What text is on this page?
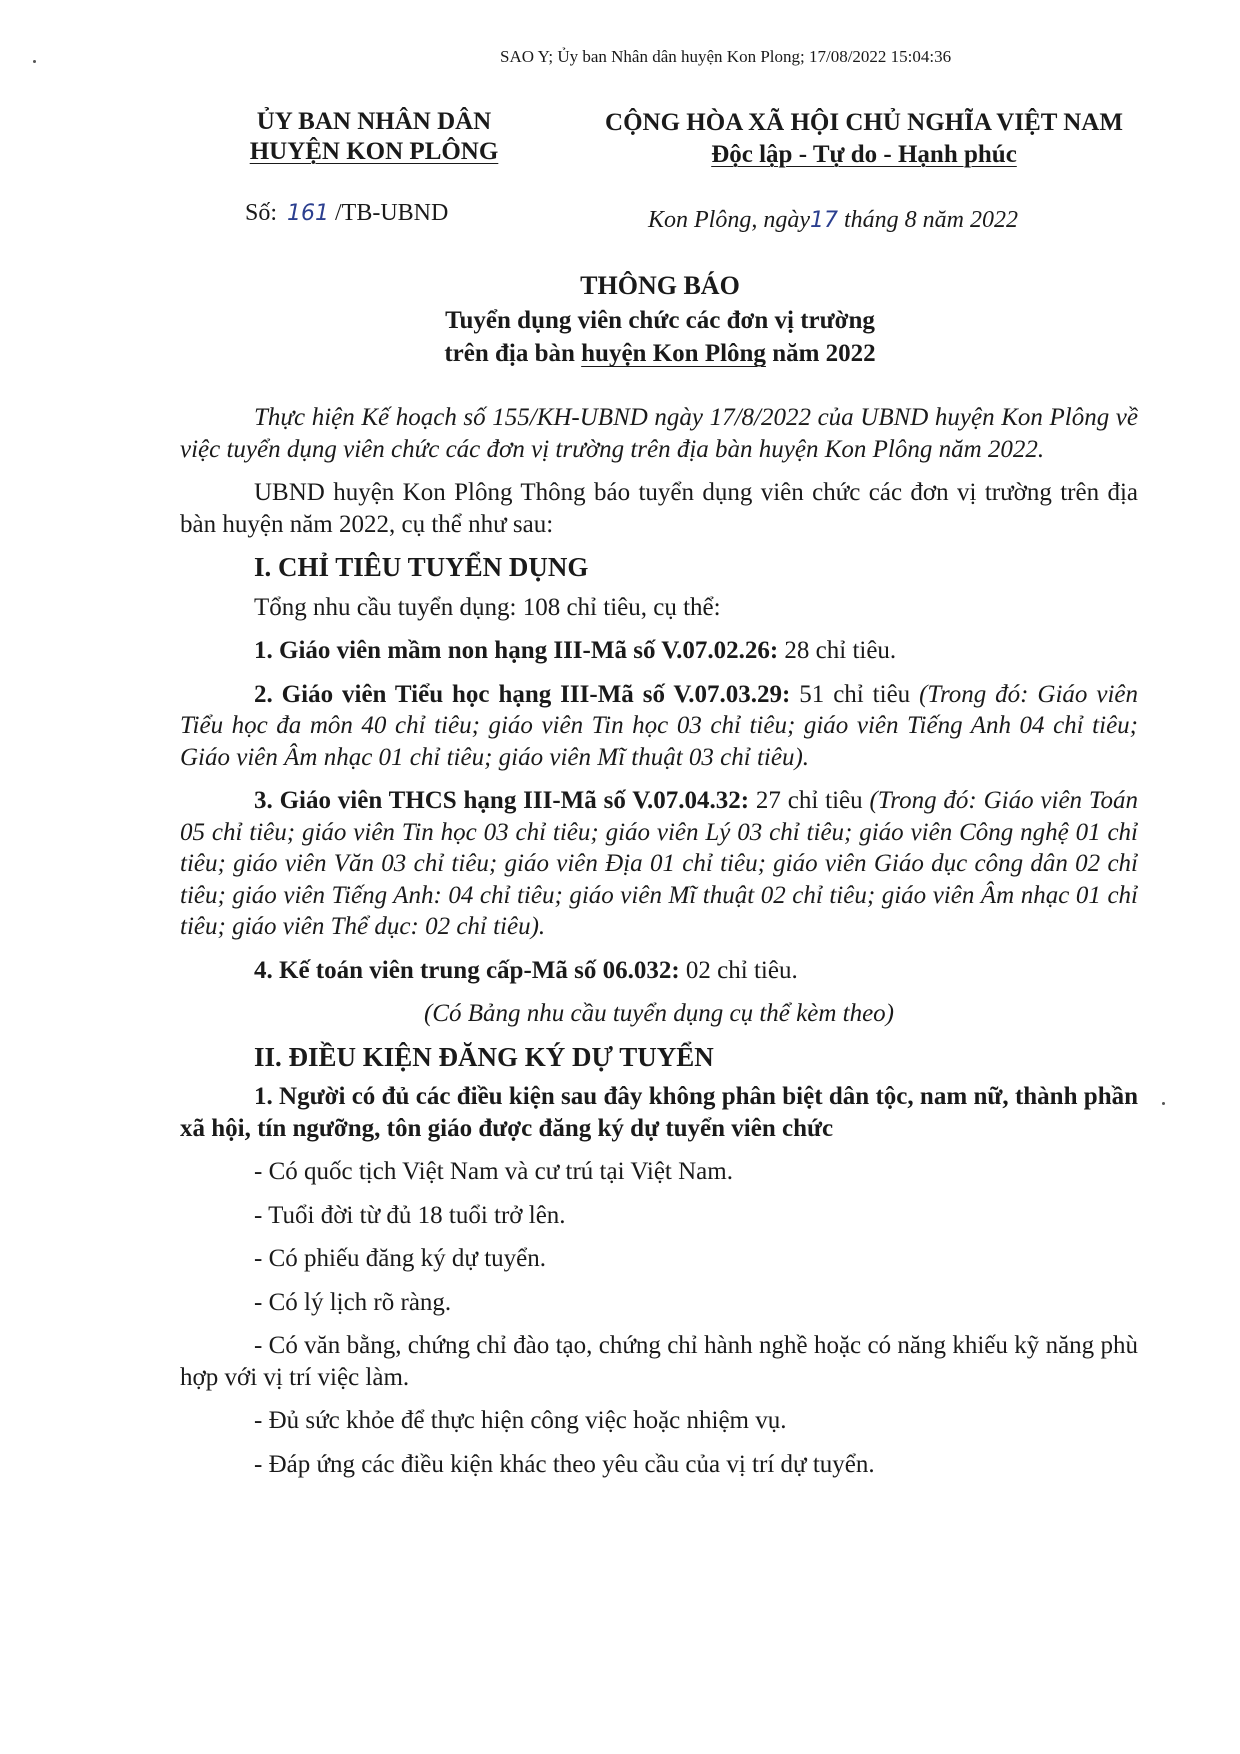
SAO Y; Ủy ban Nhân dân huyện Kon Plong; 17/08/2022 15:04:36
ỦY BAN NHÂN DÂN

HUYỆN KON PLÔNG
CỘNG HÒA XÃ HỘI CHỦ NGHĨA VIỆT NAM
Độc lập - Tự do - Hạnh phúc
Số: 161 /TB-UBND	Kon Plông, ngày17 tháng 8 năm 2022
THÔNG BÁO
Tuyển dụng viên chức các đơn vị trường
trên địa bàn huyện Kon Plông năm 2022

Thực hiện Kế hoạch số 155/KH-UBND ngày 17/8/2022 của UBND huyện Kon Plông về việc tuyển dụng viên chức các đơn vị trường trên địa bàn huyện Kon Plông năm 2022.

UBND huyện Kon Plông Thông báo tuyển dụng viên chức các đơn vị trường trên địa bàn huyện năm 2022, cụ thể như sau:

I. CHỈ TIÊU TUYỂN DỤNG

Tổng nhu cầu tuyển dụng: 108 chỉ tiêu, cụ thể:

1. Giáo viên mầm non hạng III-Mã số V.07.02.26: 28 chỉ tiêu.

2. Giáo viên Tiểu học hạng III-Mã số V.07.03.29: 51 chỉ tiêu (Trong đó: Giáo viên Tiểu học đa môn 40 chỉ tiêu; giáo viên Tin học 03 chỉ tiêu; giáo viên Tiếng Anh 04 chỉ tiêu; Giáo viên Âm nhạc 01 chỉ tiêu; giáo viên Mĩ thuật 03 chỉ tiêu).

3. Giáo viên THCS hạng III-Mã số V.07.04.32: 27 chỉ tiêu (Trong đó: Giáo viên Toán 05 chỉ tiêu; giáo viên Tin học 03 chỉ tiêu; giáo viên Lý 03 chỉ tiêu; giáo viên Công nghệ 01 chỉ tiêu; giáo viên Văn 03 chỉ tiêu; giáo viên Địa 01 chỉ tiêu; giáo viên Giáo dục công dân 02 chỉ tiêu; giáo viên Tiếng Anh: 04 chỉ tiêu; giáo viên Mĩ thuật 02 chỉ tiêu; giáo viên Âm nhạc 01 chỉ tiêu; giáo viên Thể dục: 02 chỉ tiêu).

4. Kế toán viên trung cấp-Mã số 06.032: 02 chỉ tiêu.

(Có Bảng nhu cầu tuyển dụng cụ thể kèm theo)

II. ĐIỀU KIỆN ĐĂNG KÝ DỰ TUYỂN

1. Người có đủ các điều kiện sau đây không phân biệt dân tộc, nam nữ, thành phần xã hội, tín ngưỡng, tôn giáo được đăng ký dự tuyển viên chức

- Có quốc tịch Việt Nam và cư trú tại Việt Nam.

- Tuổi đời từ đủ 18 tuổi trở lên.

- Có phiếu đăng ký dự tuyển.

- Có lý lịch rõ ràng.

- Có văn bằng, chứng chỉ đào tạo, chứng chỉ hành nghề hoặc có năng khiếu kỹ năng phù hợp với vị trí việc làm.

- Đủ sức khỏe để thực hiện công việc hoặc nhiệm vụ.

- Đáp ứng các điều kiện khác theo yêu cầu của vị trí dự tuyển.
